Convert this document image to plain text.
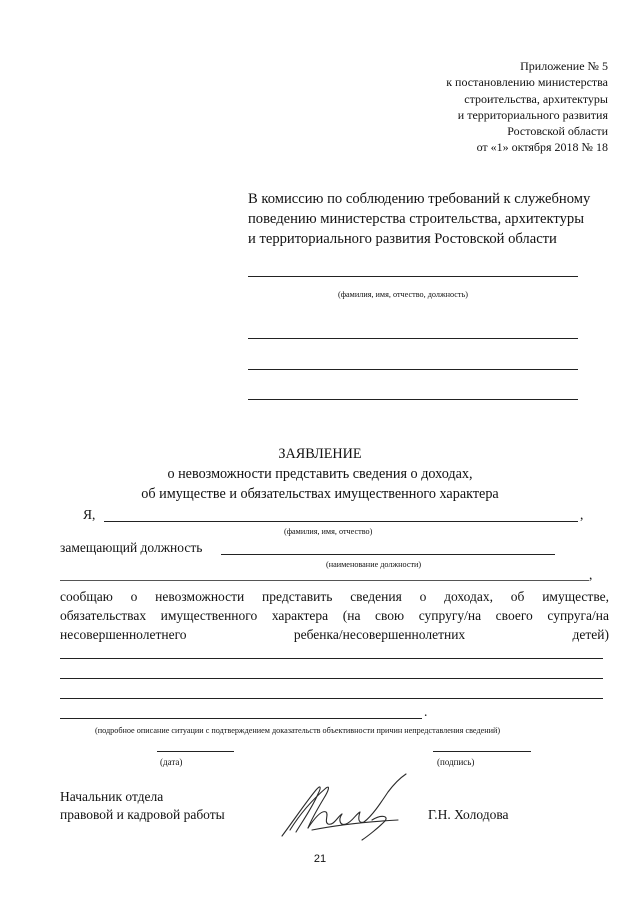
Приложение № 5
к постановлению министерства
строительства, архитектуры
и территориального развития
Ростовской области
от «1» октября 2018 № 18
В комиссию по соблюдению требований к служебному
поведению министерства строительства, архитектуры
и территориального развития Ростовской области
(фамилия, имя, отчество, должность)
ЗАЯВЛЕНИЕ
о невозможности представить сведения о доходах,
об имуществе и обязательствах имущественного характера
Я,	,
(фамилия, имя, отчество)
замещающий должность
(наименование должности)
,
сообщаю о невозможности представить сведения о доходах, об имуществе,
обязательствах имущественного характера (на свою супругу/на своего супруга/на
несовершеннолетнего ребенка/несовершеннолетних детей)
.
(подробное описание ситуации с подтверждением доказательств объективности причин непредставления сведений)
(дата)	(подпись)
Начальник отдела
правовой и кадровой работы	Г.Н. Холодова
21
